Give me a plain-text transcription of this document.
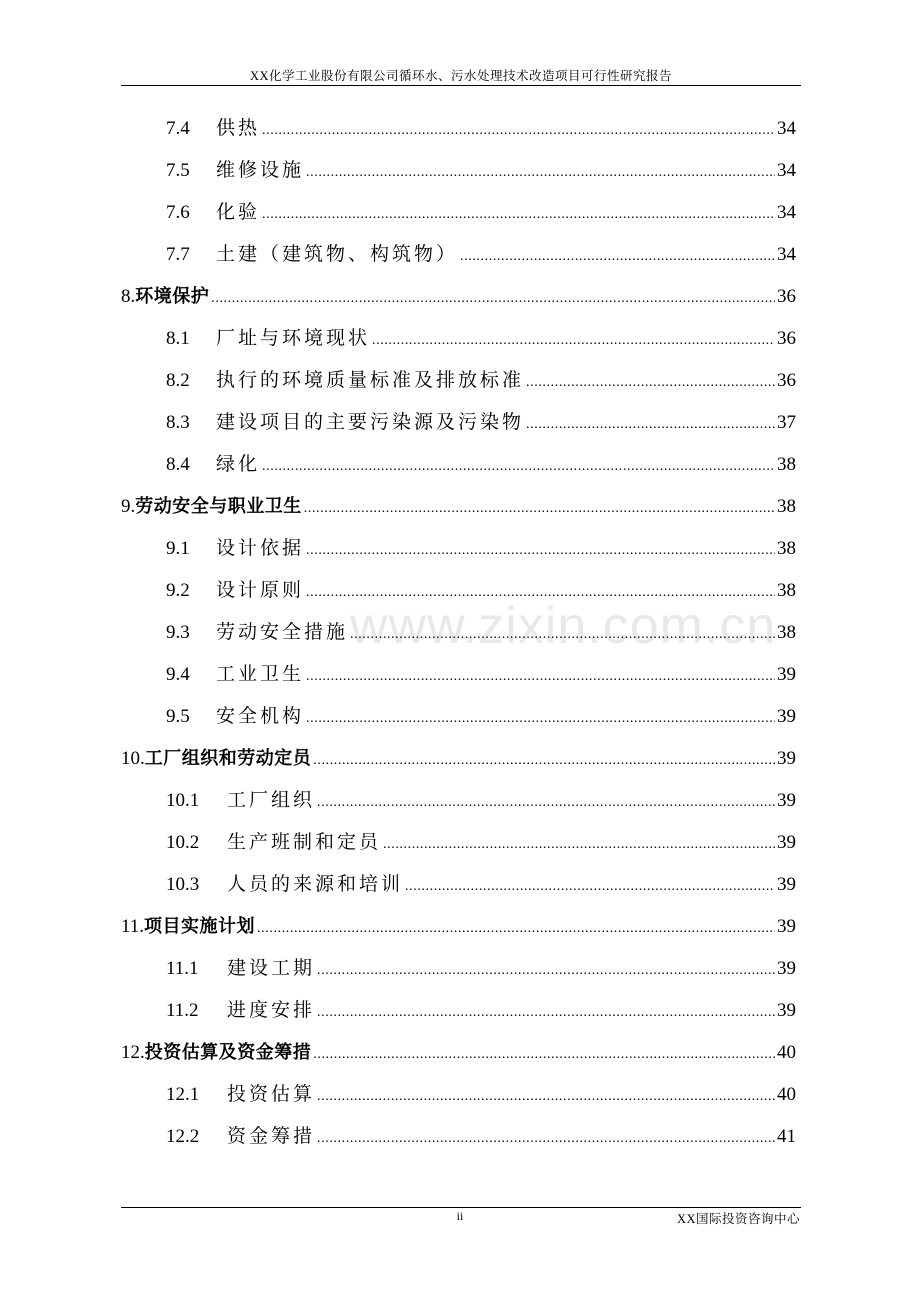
XX化学工业股份有限公司循环水、污水处理技术改造项目可行性研究报告
7.4	供热 .....	34
7.5	维修设施 .....	34
7.6	化验 .....	34
7.7	土建（建筑物、构筑物） .....	34
8. 环境保护 .....	36
8.1	厂址与环境现状 .....	36
8.2	执行的环境质量标准及排放标准 .....	36
8.3	建设项目的主要污染源及污染物 .....	37
8.4	绿化 .....	38
9. 劳动安全与职业卫生 .....	38
9.1	设计依据 .....	38
9.2	设计原则 .....	38
9.3	劳动安全措施 .....	38
9.4	工业卫生 .....	39
9.5	安全机构 .....	39
10. 工厂组织和劳动定员 .....	39
10.1	工厂组织 .....	39
10.2	生产班制和定员 .....	39
10.3	人员的来源和培训 .....	39
11. 项目实施计划 .....	39
11.1	建设工期 .....	39
11.2	进度安排 .....	39
12. 投资估算及资金筹措 .....	40
12.1	投资估算 .....	40
12.2	资金筹措 .....	41
www.zixin.com.cn
ii	XX国际投资咨询中心
